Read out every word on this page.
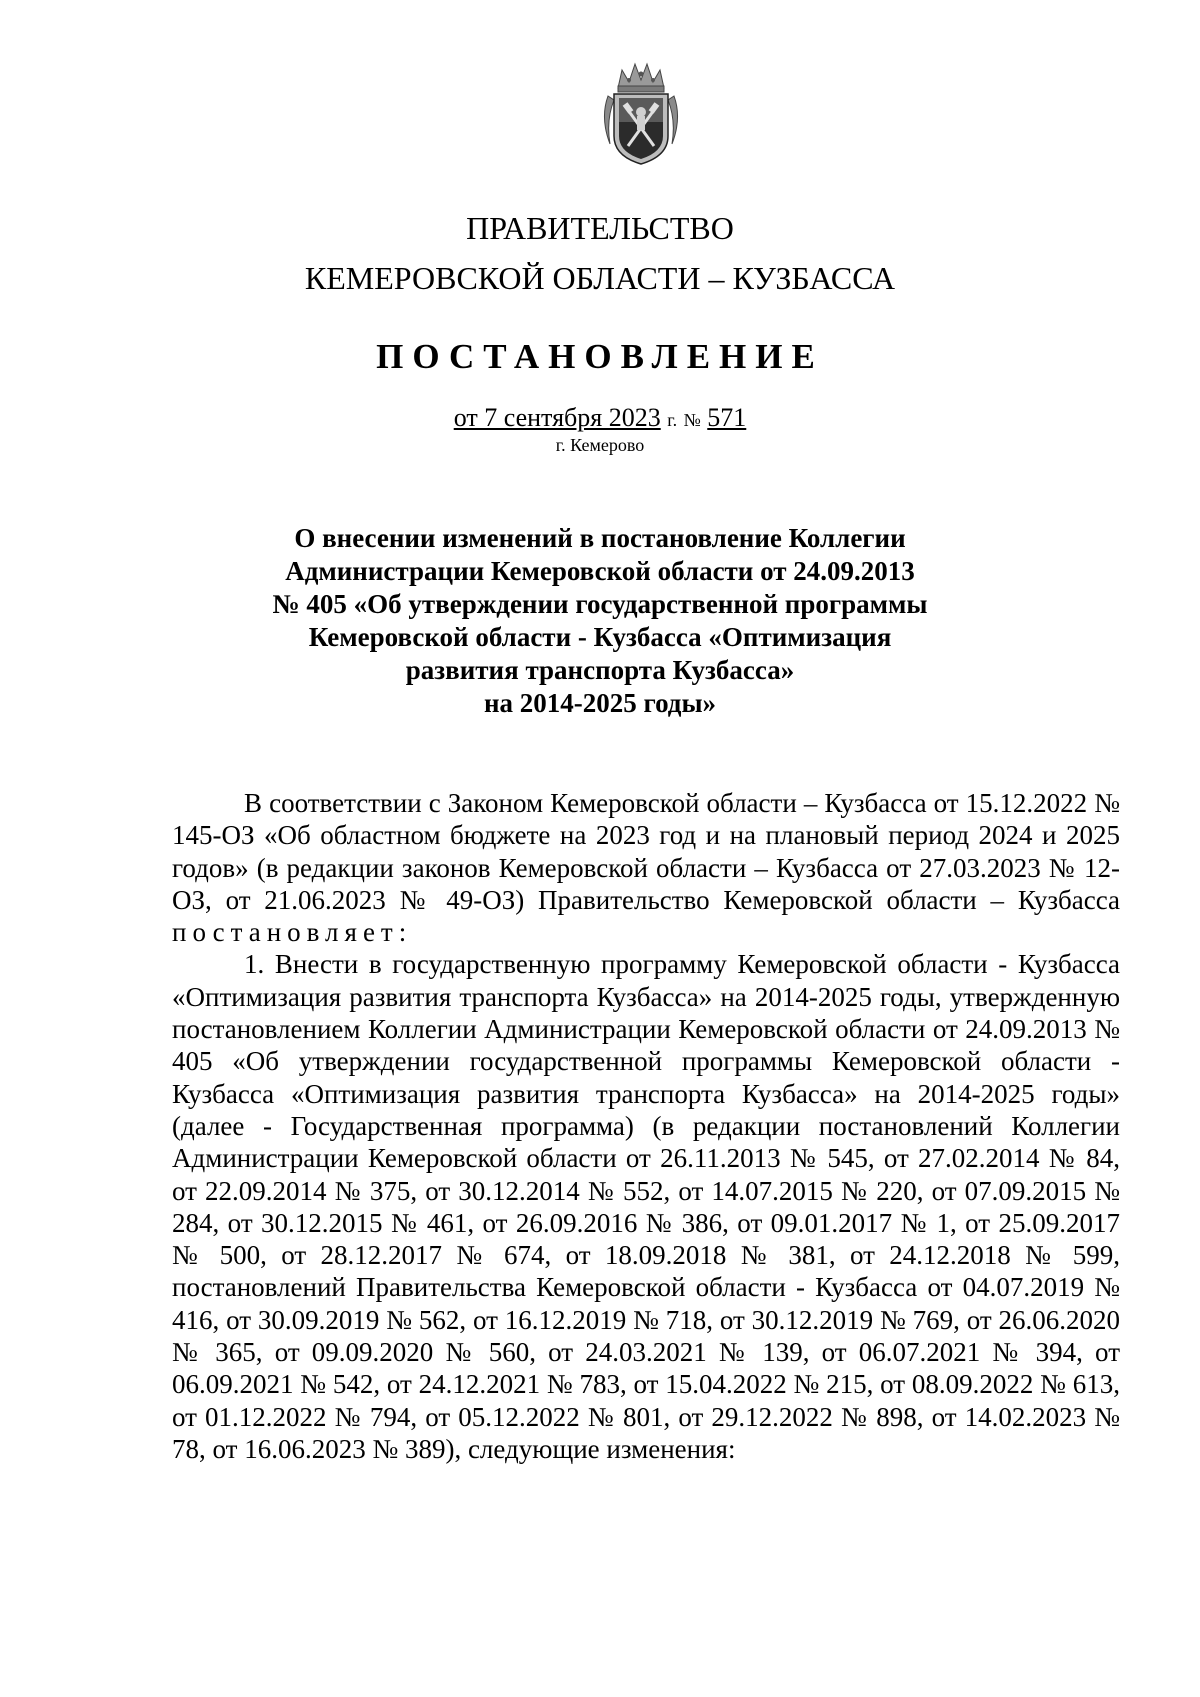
ПРАВИТЕЛЬСТВО
КЕМЕРОВСКОЙ ОБЛАСТИ – КУЗБАССА
ПОСТАНОВЛЕНИЕ
от 7 сентября 2023 г. № 571
г. Кемерово
О внесении изменений в постановление Коллегии
Администрации Кемеровской области от 24.09.2013
№ 405 «Об утверждении государственной программы
Кемеровской области - Кузбасса «Оптимизация
развития транспорта Кузбасса»
на 2014-2025 годы»

В соответствии с Законом Кемеровской области – Кузбасса от 15.12.2022 № 145-ОЗ «Об областном бюджете на 2023 год и на плановый период 2024 и 2025 годов» (в редакции законов Кемеровской области – Кузбасса от 27.03.2023 № 12-ОЗ, от 21.06.2023 № 49-ОЗ) Правительство Кемеровской области – Кузбасса постановляет:

1. Внести в государственную программу Кемеровской области - Кузбасса «Оптимизация развития транспорта Кузбасса» на 2014-2025 годы, утвержденную постановлением Коллегии Администрации Кемеровской области от 24.09.2013 № 405 «Об утверждении государственной программы Кемеровской области - Кузбасса «Оптимизация развития транспорта Кузбасса» на 2014-2025 годы» (далее - Государственная программа) (в редакции постановлений Коллегии Администрации Кемеровской области от 26.11.2013 № 545, от 27.02.2014 № 84, от 22.09.2014 № 375, от 30.12.2014 № 552, от 14.07.2015 № 220, от 07.09.2015 № 284, от 30.12.2015 № 461, от 26.09.2016 № 386, от 09.01.2017 № 1, от 25.09.2017 № 500, от 28.12.2017 № 674, от 18.09.2018 № 381, от 24.12.2018 № 599, постановлений Правительства Кемеровской области - Кузбасса от 04.07.2019 № 416, от 30.09.2019 № 562, от 16.12.2019 № 718, от 30.12.2019 № 769, от 26.06.2020 № 365, от 09.09.2020 № 560, от 24.03.2021 № 139, от 06.07.2021 № 394, от 06.09.2021 № 542, от 24.12.2021 № 783, от 15.04.2022 № 215, от 08.09.2022 № 613, от 01.12.2022 № 794, от 05.12.2022 № 801, от 29.12.2022 № 898, от 14.02.2023 № 78, от 16.06.2023 № 389), следующие изменения:
